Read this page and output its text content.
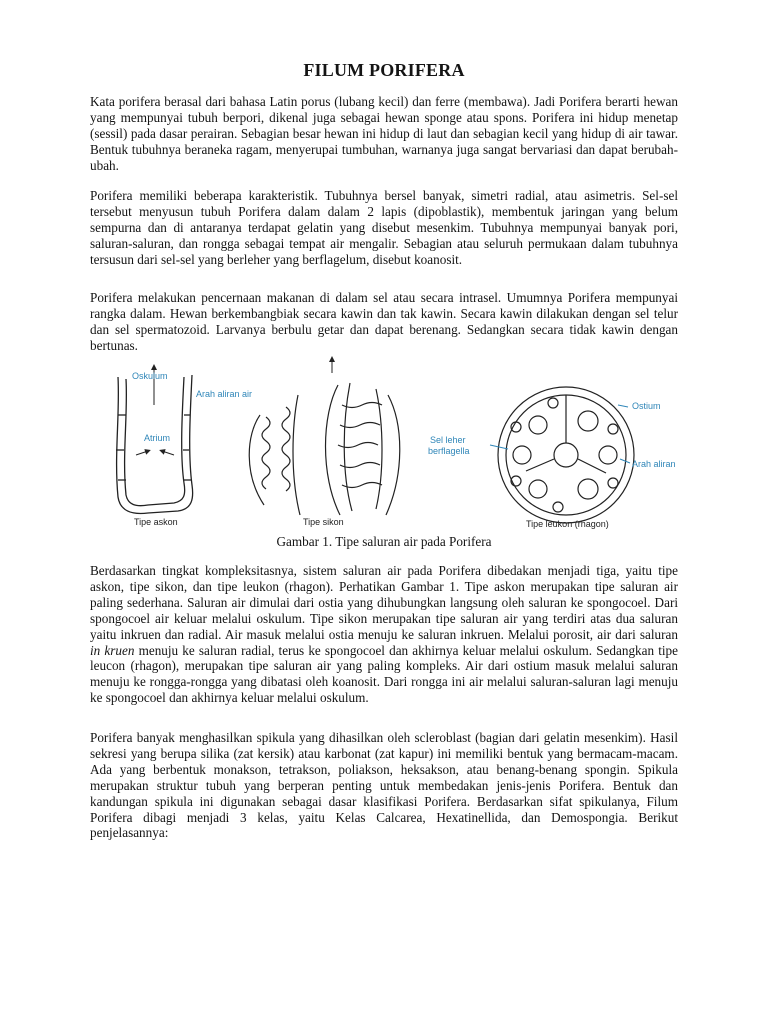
FILUM PORIFERA

Kata porifera berasal dari bahasa Latin porus (lubang kecil) dan ferre (membawa). Jadi Porifera berarti hewan yang mempunyai tubuh berpori, dikenal juga sebagai hewan sponge atau spons. Porifera ini hidup menetap (sessil) pada dasar perairan. Sebagian besar hewan ini hidup di laut dan sebagian kecil yang hidup di air tawar. Bentuk tubuhnya beraneka ragam, menyerupai tumbuhan, warnanya juga sangat bervariasi dan dapat berubah-ubah.

Porifera memiliki beberapa karakteristik. Tubuhnya bersel banyak, simetri radial, atau asimetris. Sel-sel tersebut menyusun tubuh Porifera dalam dalam 2 lapis (dipoblastik), membentuk jaringan yang belum sempurna dan di antaranya terdapat gelatin yang disebut mesenkim. Tubuhnya mempunyai banyak pori, saluran-saluran, dan rongga sebagai tempat air mengalir. Sebagian atau seluruh permukaan dalam tubuhnya tersusun dari sel-sel yang berleher yang berflagelum, disebut koanosit.

Porifera melakukan pencernaan makanan di dalam sel atau secara intrasel. Umumnya Porifera mempunyai rangka dalam. Hewan berkembangbiak secara kawin dan tak kawin. Secara kawin dilakukan dengan sel telur dan sel spermatozoid. Larvanya berbulu getar dan dapat berenang. Sedangkan secara tidak kawin dengan bertunas.

Oskulum
Arah aliran air
Atrium
Tipe askon	Tipe sikon
Sel leher
berflagella
Ostium
Arah aliran
Tipe leukon (rhagon)
Gambar 1. Tipe saluran air pada Porifera

Berdasarkan tingkat kompleksitasnya, sistem saluran air pada Porifera dibedakan menjadi tiga, yaitu tipe askon, tipe sikon, dan tipe leukon (rhagon). Perhatikan Gambar 1. Tipe askon merupakan tipe saluran air paling sederhana. Saluran air dimulai dari ostia yang dihubungkan langsung oleh saluran ke spongocoel. Dari spongocoel air keluar melalui oskulum. Tipe sikon merupakan tipe saluran air yang terdiri atas dua saluran yaitu inkruen dan radial. Air masuk melalui ostia menuju ke saluran inkruen. Melalui porosit, air dari saluran in kruen menuju ke saluran radial, terus ke spongocoel dan akhirnya keluar melalui oskulum. Sedangkan tipe leucon (rhagon), merupakan tipe saluran air yang paling kompleks. Air dari ostium masuk melalui saluran menuju ke rongga-rongga yang dibatasi oleh koanosit. Dari rongga ini air melalui saluran-saluran lagi menuju ke spongocoel dan akhirnya keluar melalui oskulum.

Porifera banyak menghasilkan spikula yang dihasilkan oleh scleroblast (bagian dari gelatin mesenkim). Hasil sekresi yang berupa silika (zat kersik) atau karbonat (zat kapur) ini memiliki bentuk yang bermacam-macam. Ada yang berbentuk monakson, tetrakson, poliakson, heksakson, atau benang-benang spongin. Spikula merupakan struktur tubuh yang berperan penting untuk membedakan jenis-jenis Porifera. Bentuk dan kandungan spikula ini digunakan sebagai dasar klasifikasi Porifera. Berdasarkan sifat spikulanya, Filum Porifera dibagi menjadi 3 kelas, yaitu Kelas Calcarea, Hexatinellida, dan Demospongia. Berikut penjelasannya:
